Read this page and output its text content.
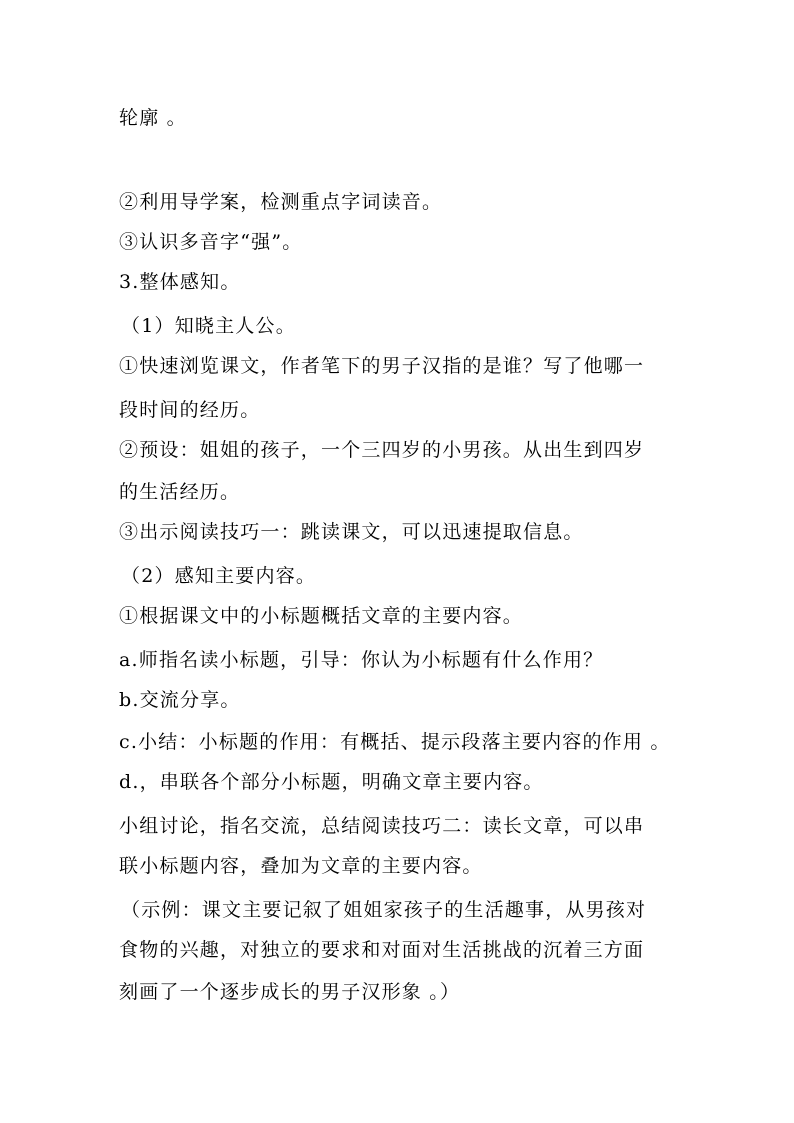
轮廓 。
②利用导学案，检测重点字词读音。
③认识多音字“强”。
3.整体感知。
（1）知晓主人公。
①快速浏览课文，作者笔下的男子汉指的是谁？写了他哪一
段时间的经历。
②预设：姐姐的孩子，一个三四岁的小男孩。从出生到四岁
的生活经历。
③出示阅读技巧一：跳读课文，可以迅速提取信息。
（2）感知主要内容。
①根据课文中的小标题概括文章的主要内容。
a.师指名读小标题，引导：你认为小标题有什么作用？
b.交流分享。
c.小结：小标题的作用：有概括、提示段落主要内容的作用 。
d.，串联各个部分小标题，明确文章主要内容。
小组讨论，指名交流，总结阅读技巧二：读长文章，可以串
联小标题内容，叠加为文章的主要内容。
（示例：课文主要记叙了姐姐家孩子的生活趣事，从男孩对
食物的兴趣，对独立的要求和对面对生活挑战的沉着三方面
刻画了一个逐步成长的男子汉形象 。）
